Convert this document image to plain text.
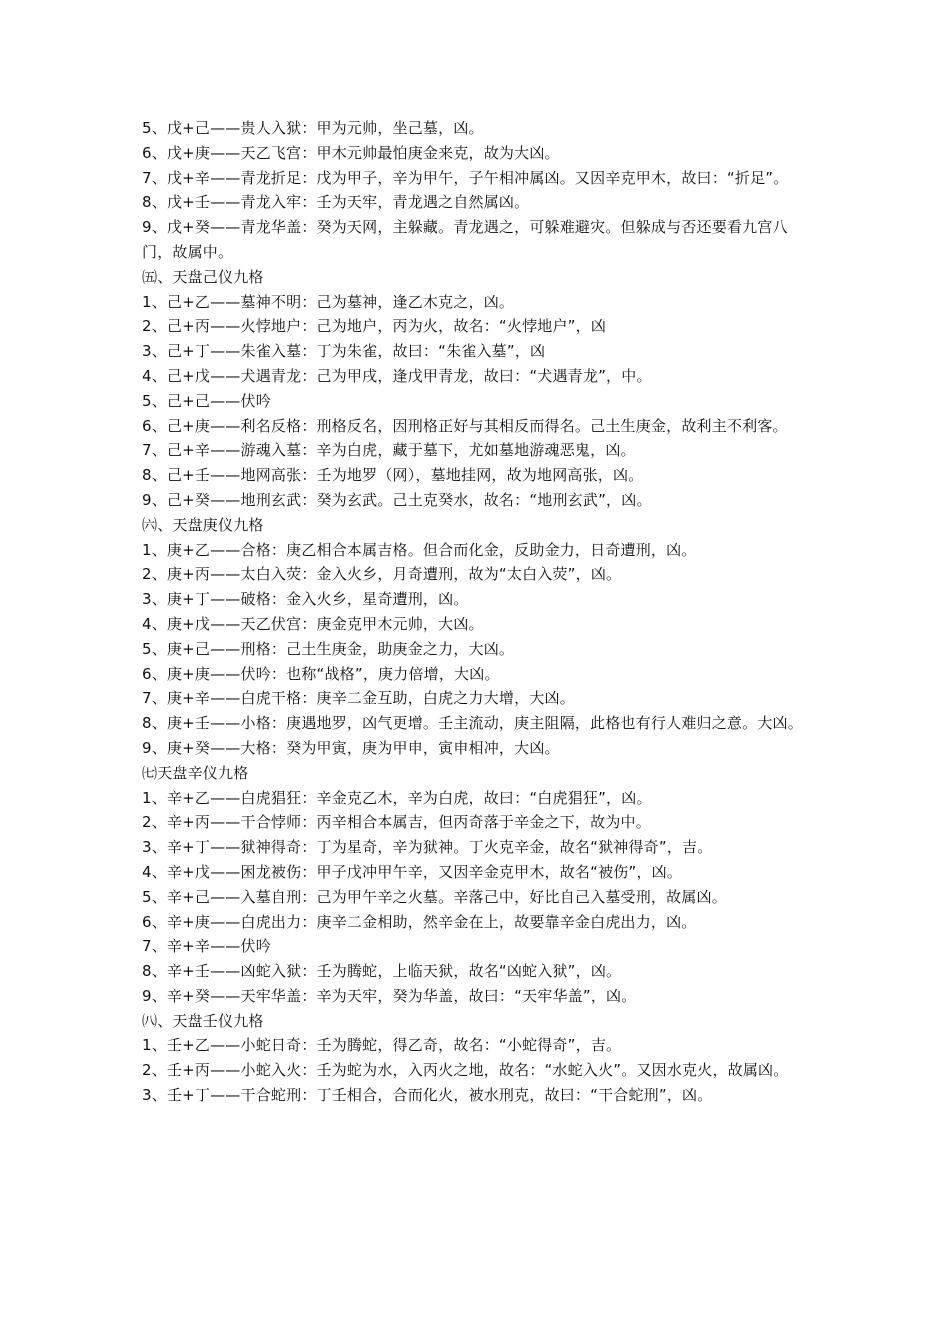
5、戊+己——贵人入狱：甲为元帅，坐己墓，凶。
6、戊+庚——天乙飞宫：甲木元帅最怕庚金来克，故为大凶。
7、戊+辛——青龙折足：戊为甲子，辛为甲午，子午相冲属凶。又因辛克甲木，故曰：“折足”。
8、戊+壬——青龙入牢：壬为天牢，青龙遇之自然属凶。
9、戊+癸——青龙华盖：癸为天网，主躲藏。青龙遇之，可躲难避灾。但躲成与否还要看九宫八门，故属中。
㈤、天盘己仪九格
1、己+乙——墓神不明：己为墓神，逢乙木克之，凶。
2、己+丙——火悖地户：己为地户，丙为火，故名：“火悖地户”，凶
3、己+丁——朱雀入墓：丁为朱雀，故曰：“朱雀入墓”，凶
4、己+戊——犬遇青龙：己为甲戌，逢戊甲青龙，故曰：“犬遇青龙”，中。
5、己+己——伏吟
6、己+庚——利名反格：刑格反名，因刑格正好与其相反而得名。己土生庚金，故利主不利客。
7、己+辛——游魂入墓：辛为白虎，藏于墓下，尤如墓地游魂恶鬼，凶。
8、己+壬——地网高张：壬为地罗（网），墓地挂网，故为地网高张，凶。
9、己+癸——地刑玄武：癸为玄武。己土克癸水，故名：“地刑玄武”，凶。
㈥、天盘庚仪九格
1、庚+乙——合格：庚乙相合本属吉格。但合而化金，反助金力，日奇遭刑，凶。
2、庚+丙——太白入荧：金入火乡，月奇遭刑，故为“太白入荧”，凶。
3、庚+丁——破格：金入火乡，星奇遭刑，凶。
4、庚+戊——天乙伏宫：庚金克甲木元帅，大凶。
5、庚+己——刑格：己土生庚金，助庚金之力，大凶。
6、庚+庚——伏吟：也称“战格”，庚力倍增，大凶。
7、庚+辛——白虎干格：庚辛二金互助，白虎之力大增，大凶。
8、庚+壬——小格：庚遇地罗，凶气更增。壬主流动，庚主阻隔，此格也有行人难归之意。大凶。
9、庚+癸——大格：癸为甲寅，庚为甲申，寅申相冲，大凶。
㈦天盘辛仪九格
1、辛+乙——白虎猖狂：辛金克乙木，辛为白虎，故曰：“白虎猖狂”，凶。
2、辛+丙——干合悖师：丙辛相合本属吉，但丙奇落于辛金之下，故为中。
3、辛+丁——狱神得奇：丁为星奇，辛为狱神。丁火克辛金，故名“狱神得奇”，吉。
4、辛+戊——困龙被伤：甲子戊冲甲午辛，又因辛金克甲木，故名“被伤”，凶。
5、辛+己——入墓自刑：己为甲午辛之火墓。辛落己中，好比自己入墓受刑，故属凶。
6、辛+庚——白虎出力：庚辛二金相助，然辛金在上，故要靠辛金白虎出力，凶。
7、辛+辛——伏吟
8、辛+壬——凶蛇入狱：壬为腾蛇，上临天狱，故名“凶蛇入狱”，凶。
9、辛+癸——天牢华盖：辛为天牢，癸为华盖，故曰：“天牢华盖”，凶。
㈧、天盘壬仪九格
1、壬+乙——小蛇日奇：壬为腾蛇，得乙奇，故名：“小蛇得奇”，吉。
2、壬+丙——小蛇入火：壬为蛇为水，入丙火之地，故名：“水蛇入火”。又因水克火，故属凶。
3、壬+丁——干合蛇刑：丁壬相合，合而化火，被水刑克，故曰：“干合蛇刑”，凶。
